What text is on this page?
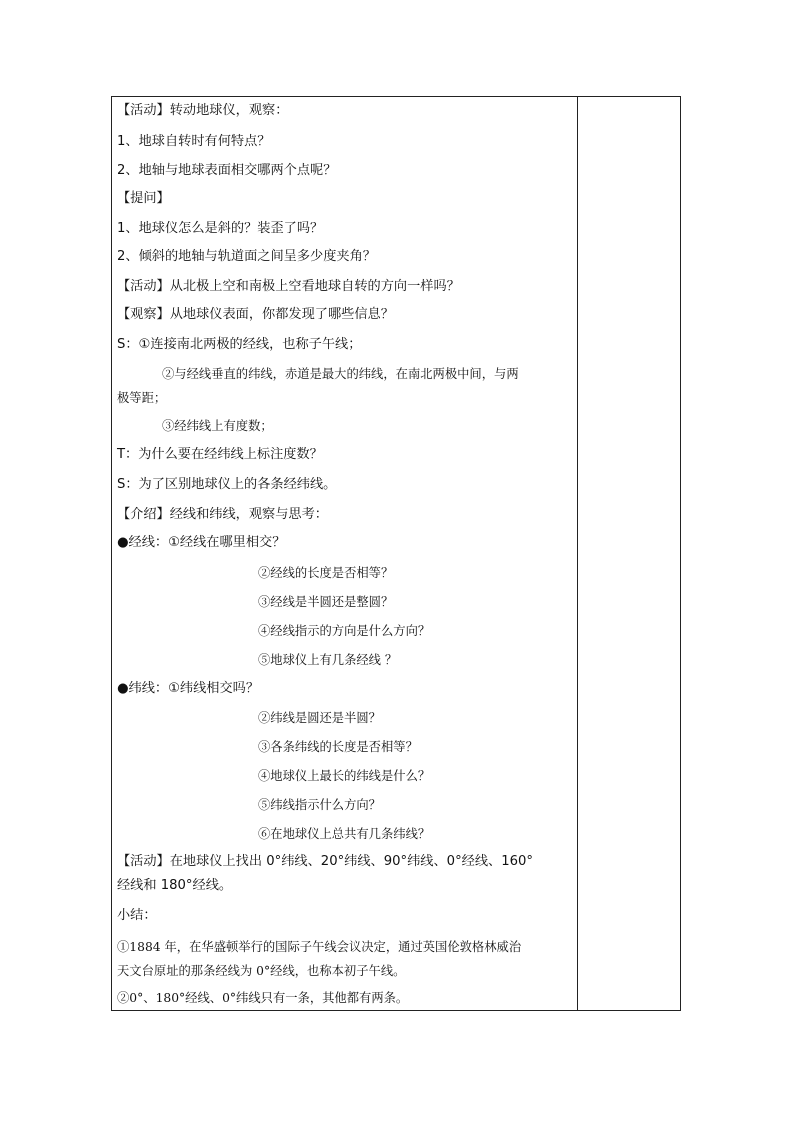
【活动】转动地球仪，观察：
1、地球自转时有何特点？
2、地轴与地球表面相交哪两个点呢？
【提问】
1、地球仪怎么是斜的？装歪了吗？
2、倾斜的地轴与轨道面之间呈多少度夹角？
【活动】从北极上空和南极上空看地球自转的方向一样吗？
【观察】从地球仪表面，你都发现了哪些信息？
S：①连接南北两极的经线，也称子午线；
②与经线垂直的纬线，赤道是最大的纬线，在南北两极中间，与两
极等距；
③经纬线上有度数；
T：为什么要在经纬线上标注度数？
S：为了区别地球仪上的各条经纬线。
【介绍】经线和纬线，观察与思考：
●经线：①经线在哪里相交？
②经线的长度是否相等？
③经线是半圆还是整圆？
④经线指示的方向是什么方向？
⑤地球仪上有几条经线 ？
●纬线：①纬线相交吗？
②纬线是圆还是半圆？
③各条纬线的长度是否相等？
④地球仪上最长的纬线是什么？
⑤纬线指示什么方向？
⑥在地球仪上总共有几条纬线？
【活动】在地球仪上找出 0°纬线、20°纬线、90°纬线、0°经线、160°
经线和 180°经线。
小结：
①1884 年，在华盛顿举行的国际子午线会议决定，通过英国伦敦格林威治
天文台原址的那条经线为 0°经线，也称本初子午线。
②0°、180°经线、0°纬线只有一条，其他都有两条。
